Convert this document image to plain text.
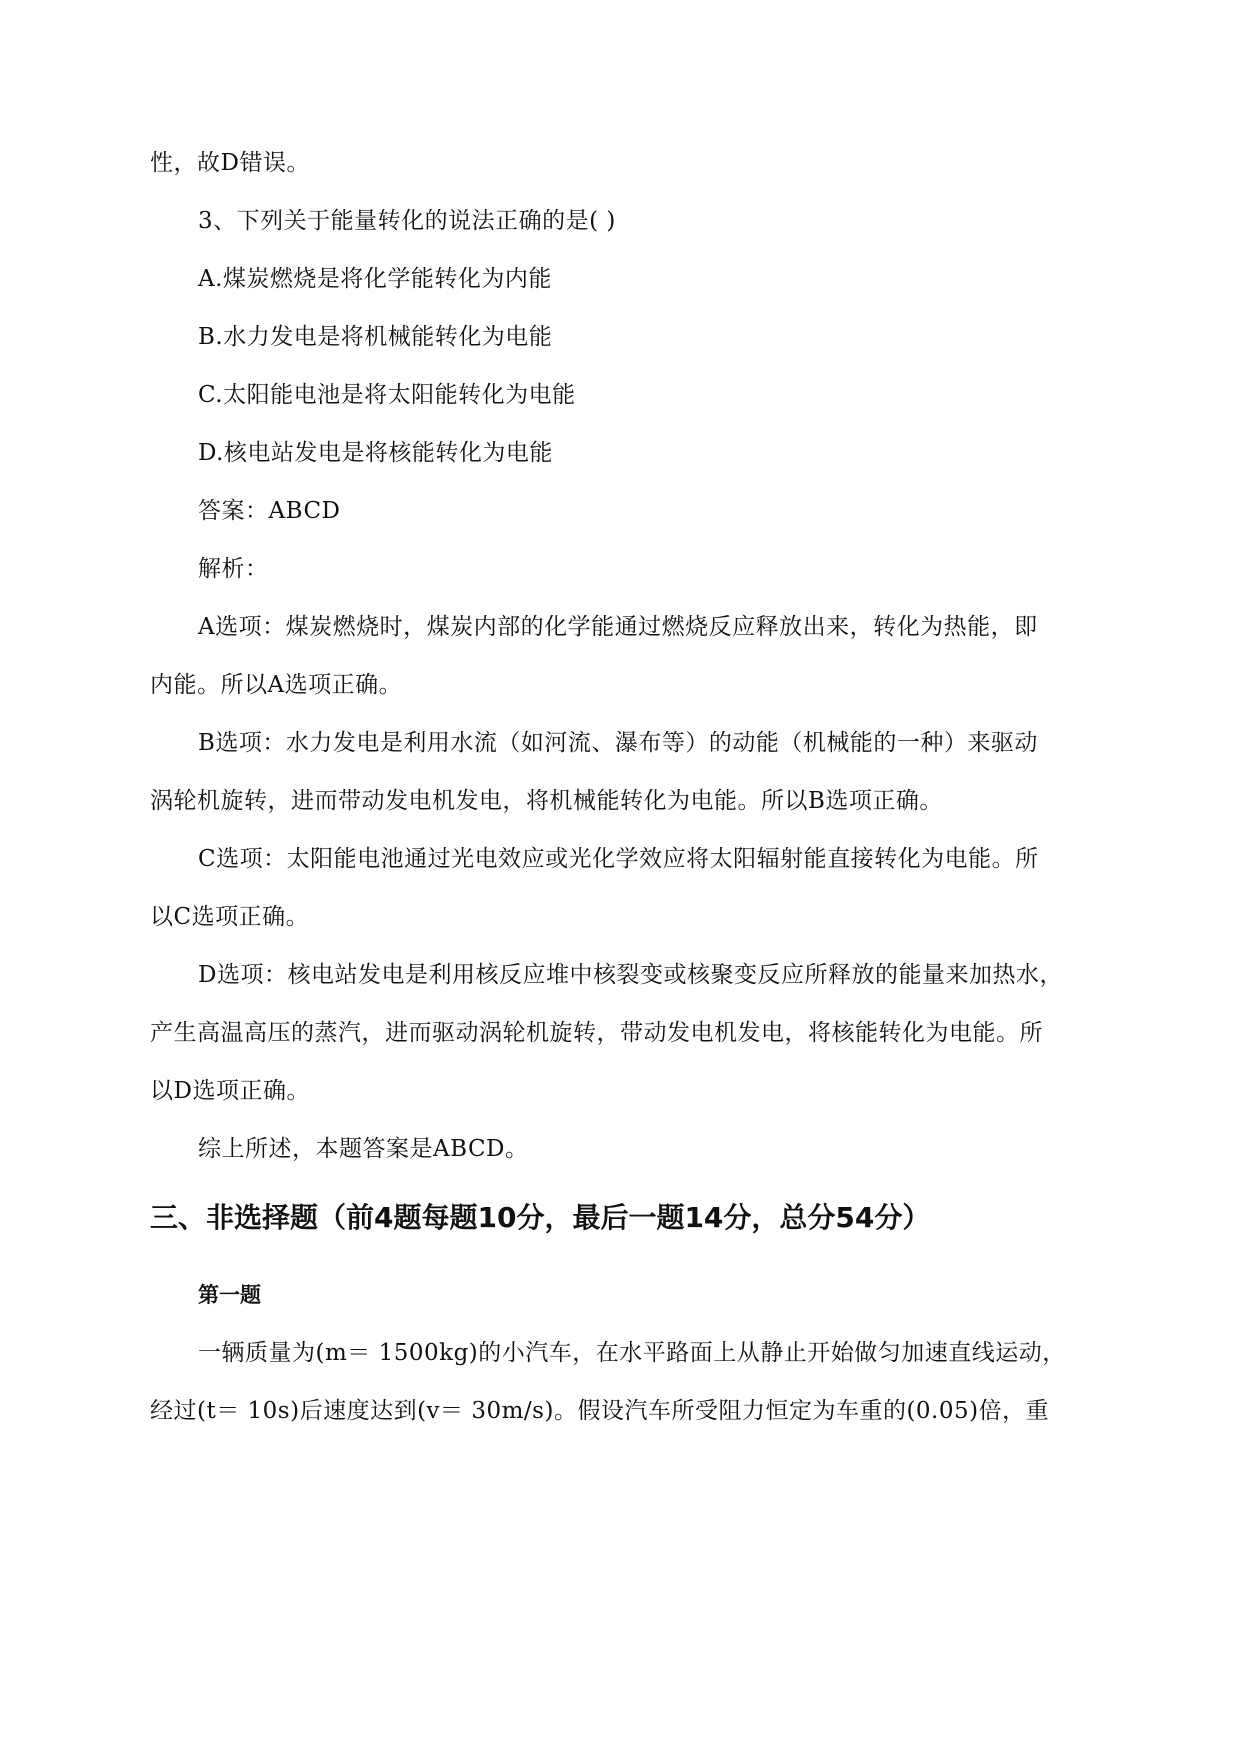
性，故D错误。
3、下列关于能量转化的说法正确的是( )
A.煤炭燃烧是将化学能转化为内能
B.水力发电是将机械能转化为电能
C.太阳能电池是将太阳能转化为电能
D.核电站发电是将核能转化为电能
答案：ABCD
解析：
A选项：煤炭燃烧时，煤炭内部的化学能通过燃烧反应释放出来，转化为热能，即
内能。所以A选项正确。
B选项：水力发电是利用水流（如河流、瀑布等）的动能（机械能的一种）来驱动
涡轮机旋转，进而带动发电机发电，将机械能转化为电能。所以B选项正确。
C选项：太阳能电池通过光电效应或光化学效应将太阳辐射能直接转化为电能。所
以C选项正确。
D选项：核电站发电是利用核反应堆中核裂变或核聚变反应所释放的能量来加热水，
产生高温高压的蒸汽，进而驱动涡轮机旋转，带动发电机发电，将核能转化为电能。所
以D选项正确。
综上所述，本题答案是ABCD。
三、非选择题（前4题每题10分，最后一题14分，总分54分）
第一题
一辆质量为(m＝ 1500kg)的小汽车，在水平路面上从静止开始做匀加速直线运动，
经过(t＝ 10s)后速度达到(v＝ 30m/s)。假设汽车所受阻力恒定为车重的(0.05)倍，重
